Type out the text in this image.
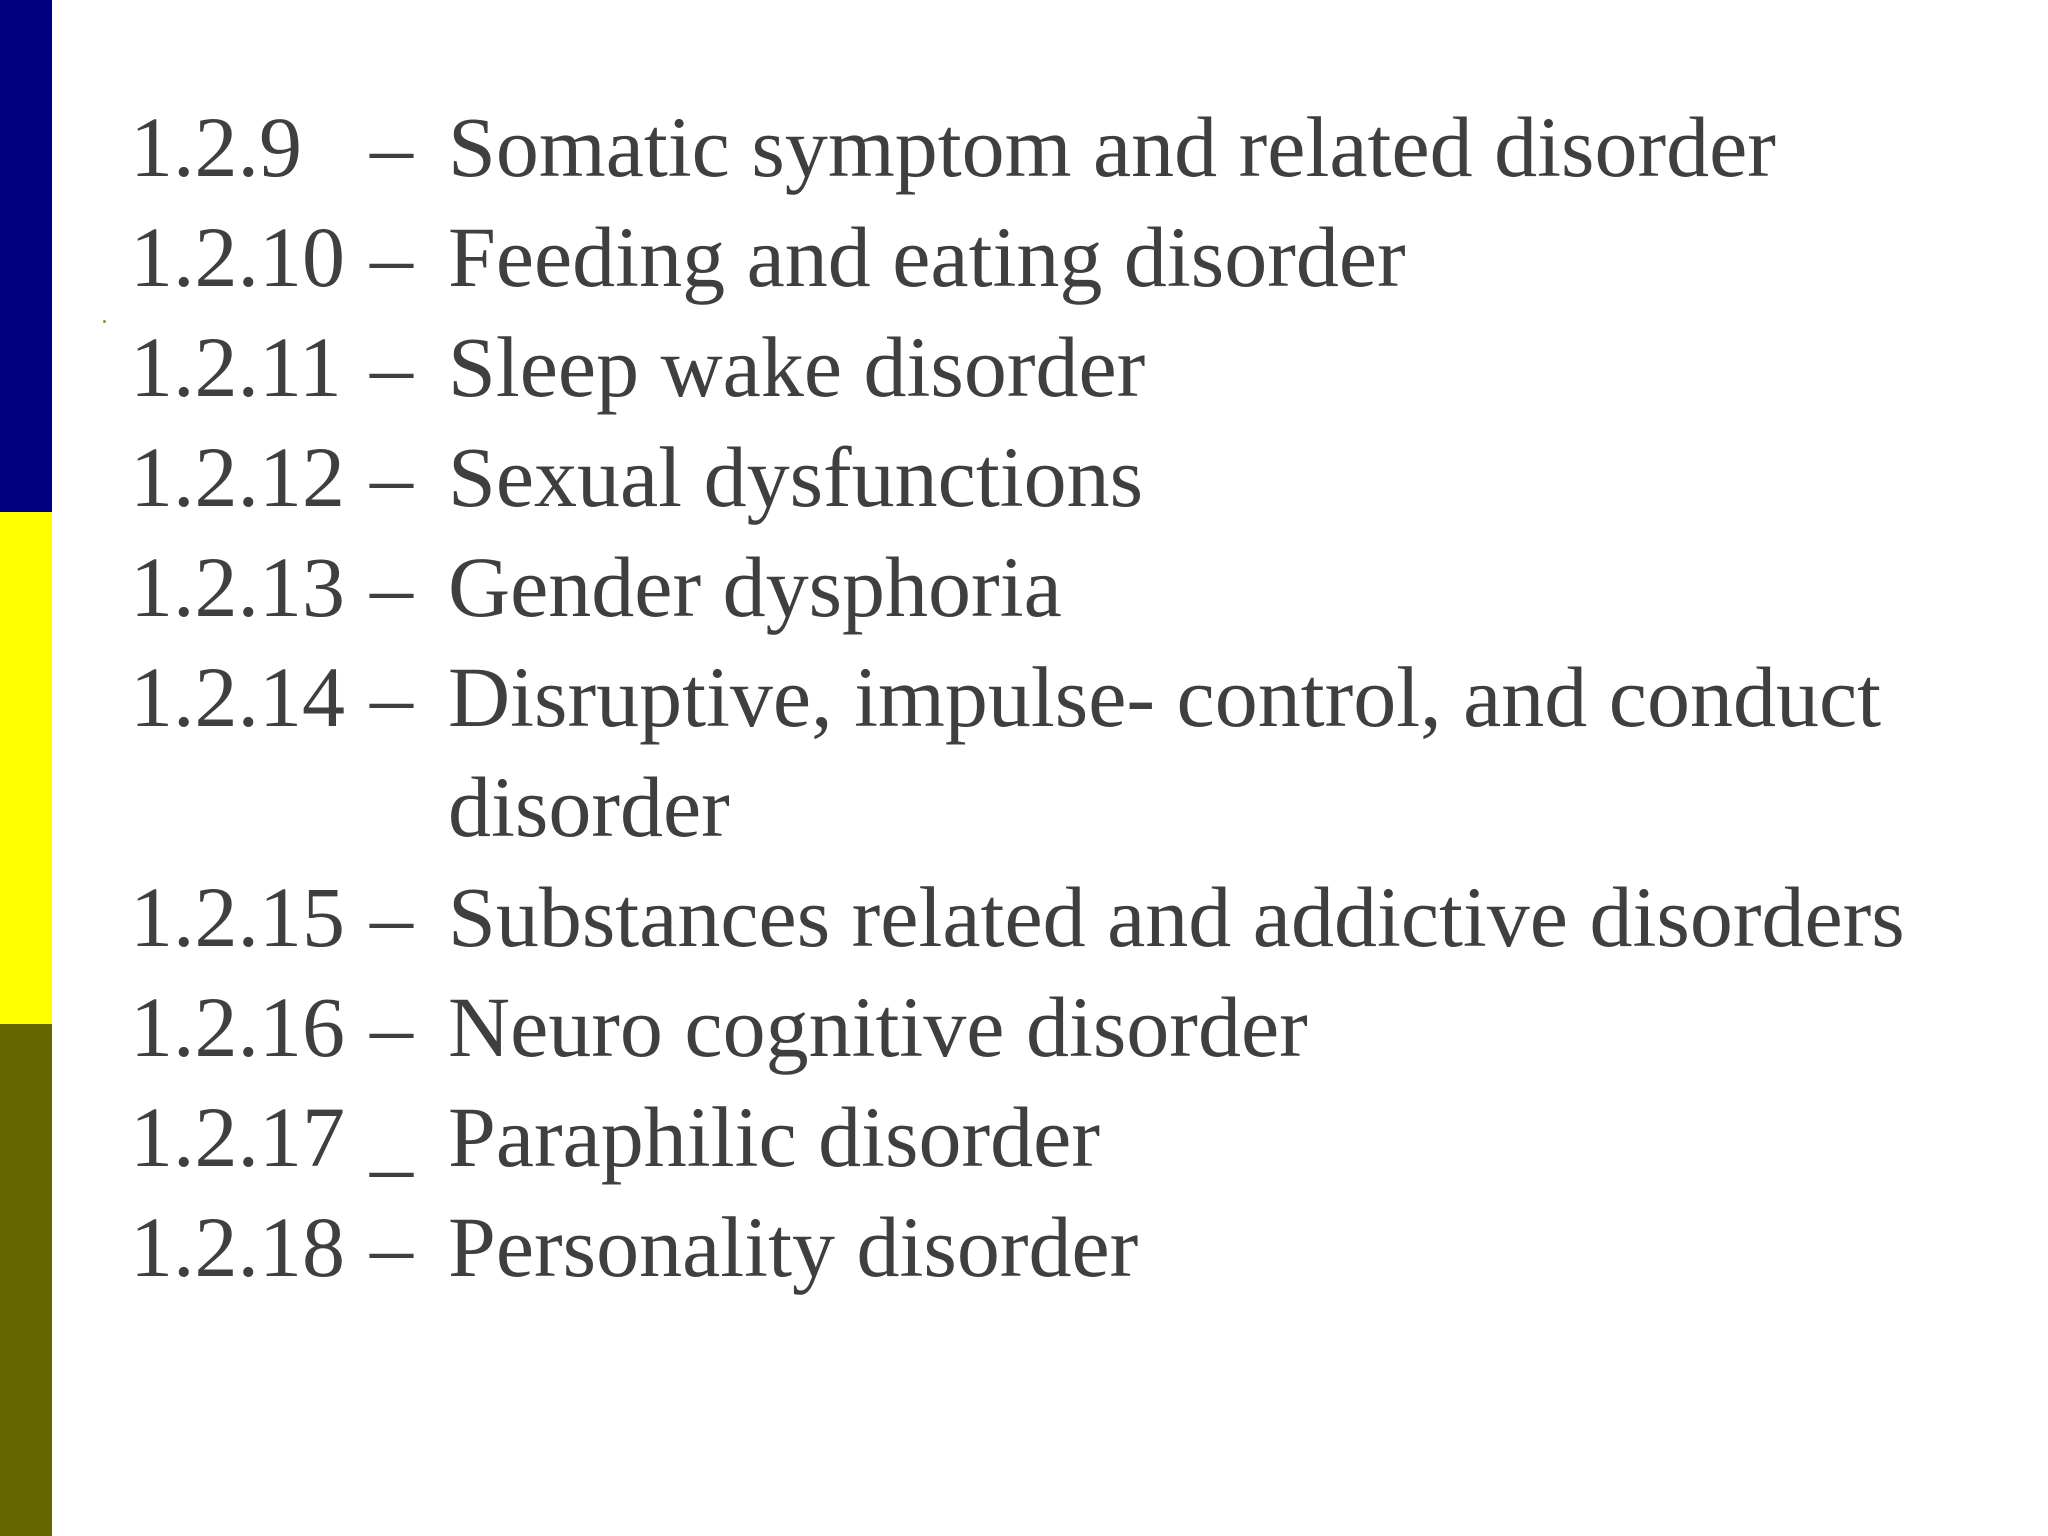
1.2.9 – Somatic symptom and related disorder
1.2.10 – Feeding and eating disorder
1.2.11 – Sleep wake disorder
1.2.12 – Sexual dysfunctions
1.2.13 – Gender dysphoria
1.2.14 – Disruptive, impulse- control, and conduct disorder
1.2.15 – Substances related and addictive disorders
1.2.16 – Neuro cognitive disorder
1.2.17 _ Paraphilic disorder
1.2.18 – Personality disorder
